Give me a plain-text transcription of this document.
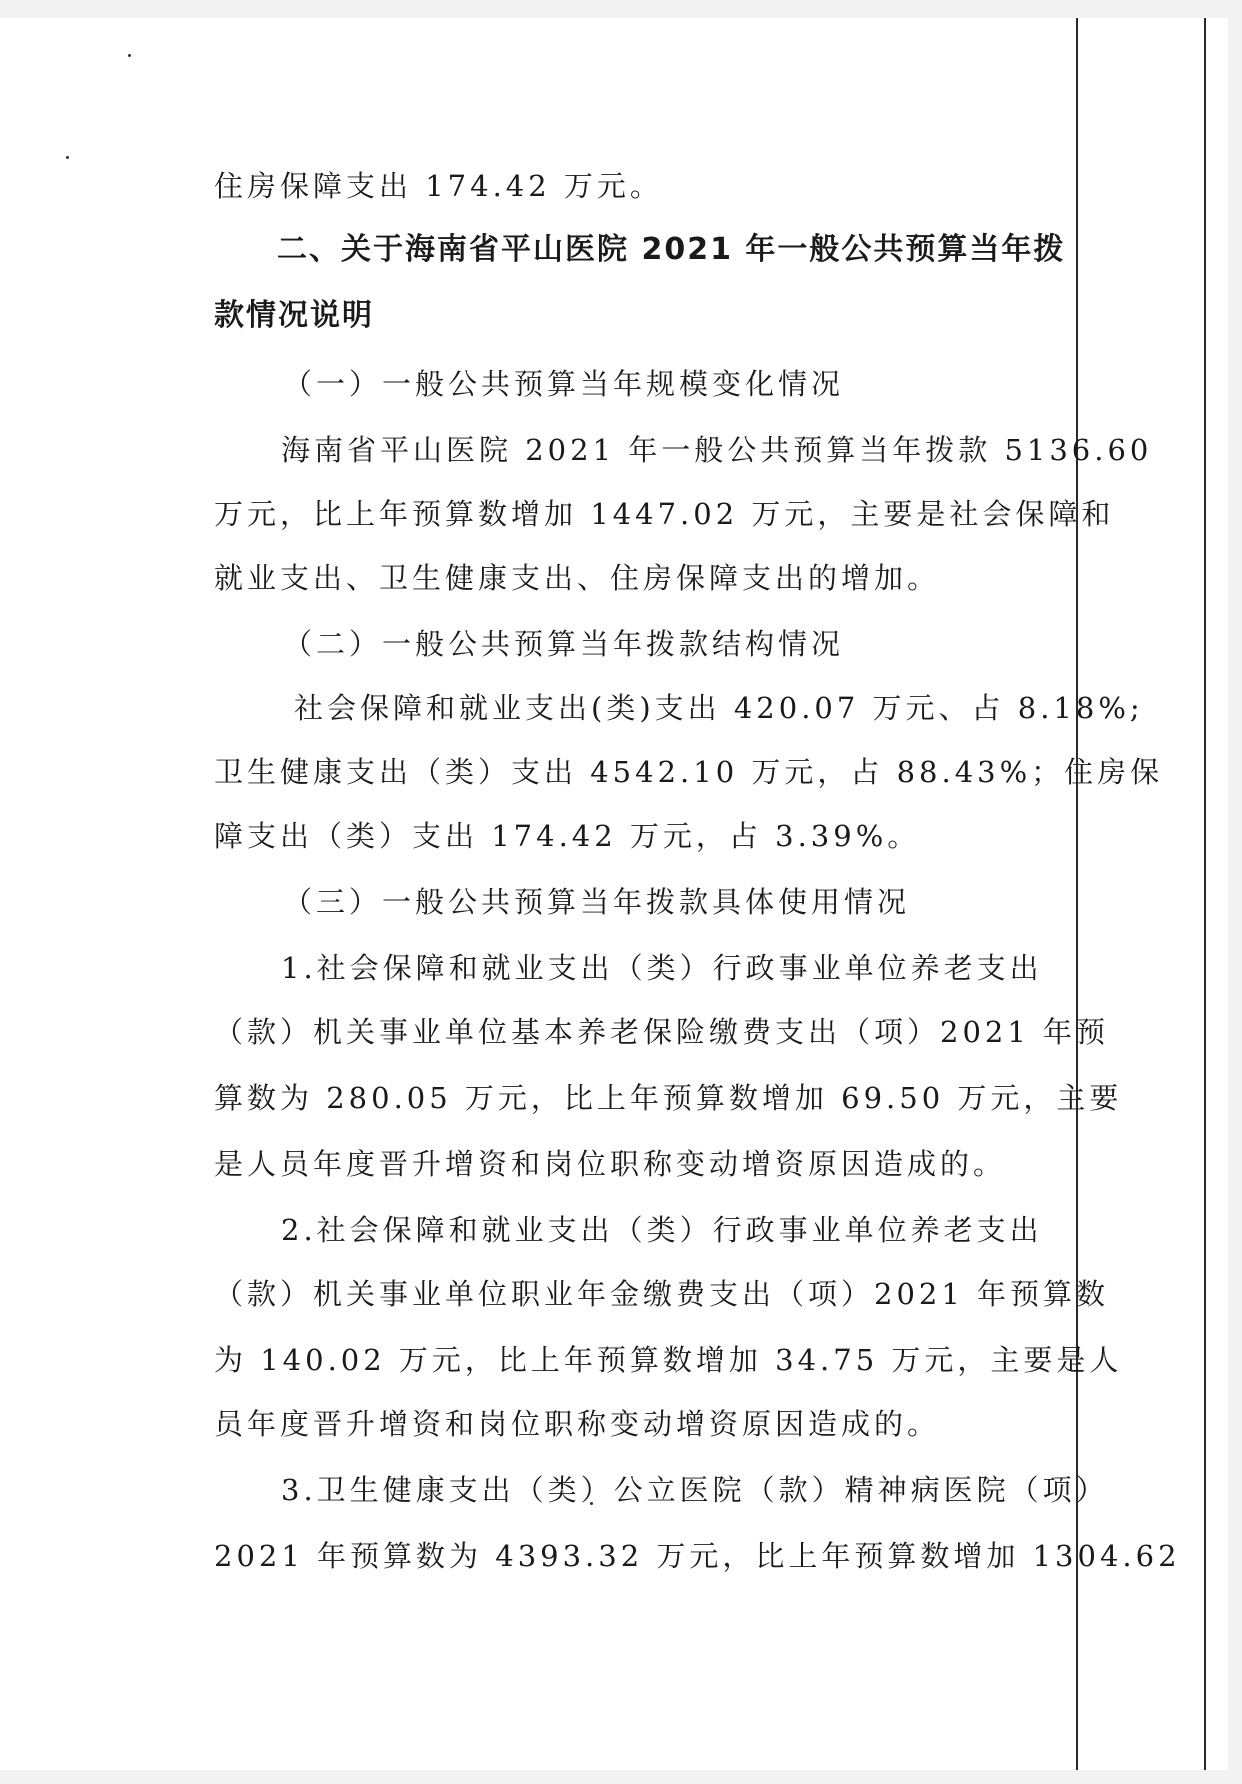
住房保障支出 174.42 万元。
二、关于海南省平山医院 2021 年一般公共预算当年拨
款情况说明
（一）一般公共预算当年规模变化情况
海南省平山医院 2021 年一般公共预算当年拨款 5136.60
万元，比上年预算数增加 1447.02 万元，主要是社会保障和
就业支出、卫生健康支出、住房保障支出的增加。
（二）一般公共预算当年拨款结构情况
社会保障和就业支出(类)支出 420.07 万元、占 8.18%;
卫生健康支出（类）支出 4542.10 万元，占 88.43%；住房保
障支出（类）支出 174.42 万元，占 3.39%。
（三）一般公共预算当年拨款具体使用情况
1.社会保障和就业支出（类）行政事业单位养老支出
（款）机关事业单位基本养老保险缴费支出（项）2021 年预
算数为 280.05 万元，比上年预算数增加 69.50 万元，主要
是人员年度晋升增资和岗位职称变动增资原因造成的。
2.社会保障和就业支出（类）行政事业单位养老支出
（款）机关事业单位职业年金缴费支出（项）2021 年预算数
为 140.02 万元，比上年预算数增加 34.75 万元，主要是人
员年度晋升增资和岗位职称变动增资原因造成的。
3.卫生健康支出（类）公立医院（款）精神病医院（项）
2021 年预算数为 4393.32 万元，比上年预算数增加 1304.62
